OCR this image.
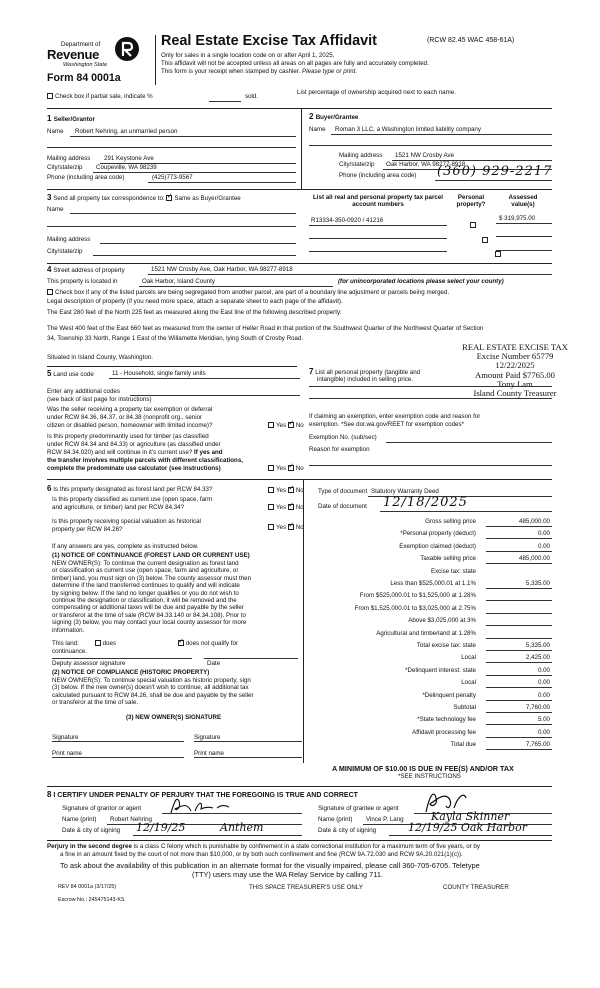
Department of
Revenue
Washington State
Form 84 0001a
Real Estate Excise Tax Affidavit	(RCW 82.45 WAC 458-61A)
Only for sales in a single location code on or after April 1, 2025.
This affidavit will not be accepted unless all areas on all pages are fully and accurately completed.
This form is your receipt when stamped by cashier. Please type or print.
Check box if partial sale, indicate %	sold.
List percentage of ownership acquired next to each name.
1 Seller/Grantor
Name Robert Nehring, an unmarried person
Mailing address 291 Keystone Ave
City/state/zip Coupeville, WA 98239
Phone (including area code)	(425)773-9567
2 Buyer/Grantee
Name Roman 3 LLC, a Washington limited liability company
Mailing address 1521 NW Crosby Ave
City/state/zip Oak Harbor, WA 98277-8918
Phone (including area code) (360) 929-2217
3 Send all property tax correspondence to: ✓ Same as Buyer/Grantee
Name
Mailing address
City/state/zip
List all real and personal property tax parcel account numbers
Personal property?
Assessed value(s)
R13334-350-0920 / 41216
	$ 319,975.00

4 Street address of property	1521 NW Crosby Ave, Oak Harbor, WA 98277-8918
This property is located in	Oak Harbor, Island County	(for unincorporated locations please select your county)
Check box if any of the listed parcels are being segregated from another parcel, are part of a boundary line adjustment or parcels being merged.
Legal description of property (if you need more space, attach a separate sheet to each page of the affidavit).
The East 280 feet of the North 225 feet as measured along the East line of the following described property:
The West 400 feet of the East 660 feet as measured from the center of Heller Road in that portion of the Southwest Quarter of the Northwest Quarter of Section
34, Township 33 North, Range 1 East of the Willamette Meridian, lying South of Crosby Road.
Situated in Island County, Washington.
REAL ESTATE EXCISE TAX
Excise Number 65779
12/22/2025
Amount Paid $7765.00
Tony Lam
Island County Treasurer
5 Land use code	11 - Household, single family units
Enter any additional codes
(see back of last page for instructions)
Was the seller receiving a property tax exemption or deferral
under RCW 84.36, 84.37, or 84.38 (nonprofit org., senior
citizen or disabled person, homeowner with limited income)?	Yes ✓ No
Is this property predominantly used for timber (as classified
under RCW 84.34 and 84.33) or agriculture (as classified under
RCW 84.34.020) and will continue in it's current use? If yes and
the transfer involves multiple parcels with different classifications,
complete the predominate use calculator (see instructions)	Yes ✓ No
7 List all personal property (tangible and
intangible) included in selling price.
If claiming an exemption, enter exemption code and reason for
exemption. *See dor.wa.gov/REET for exemption codes*
Exemption No. (sub/sec)
Reason for exemption
6 Is this property designated as forest land per RCW 84.33?	Yes ✓ No
Is this property classified as current use (open space, farm
and agriculture, or timber) land per RCW 84.34?	Yes ✓ No
Is this property receiving special valuation as historical
property per RCW 84.26?	Yes ✓ No
If any answers are yes, complete as instructed below.
(1) NOTICE OF CONTINUANCE (FOREST LAND OR CURRENT USE)
NEW OWNER(S): To continue the current designation as forest land
or classification as current use (open space, farm and agriculture, or
timber) land, you must sign on (3) below. The county assessor must then
determine if the land transferred continues to qualify and will indicate
by signing below. If the land no longer qualifies or you do not wish to
continue the designation or classification, it will be removed and the
compensating or additional taxes will be due and payable by the seller
or transferor at the time of sale (RCW 84.33.140 or 84.34.108). Prior to
signing (3) below, you may contact your local county assessor for more
information.
This land:	does ✓	does not qualify for
continuance.
Deputy assessor signature	Date
(2) NOTICE OF COMPLIANCE (HISTORIC PROPERTY)
NEW OWNER(S): To continue special valuation as historic property, sign
(3) below. If the new owner(s) doesn't wish to continue, all additional tax
calculated pursuant to RCW 84.26, shall be due and payable by the seller
or transferor at the time of sale.
(3) NEW OWNER(S) SIGNATURE
Signature	Signature
Print name	Print name
Type of document Statutory Warranty Deed
Date of document 12/18/2025
Gross selling price	485,000.00
*Personal property (deduct)	0.00
Exemption claimed (deduct)	0.00
Taxable selling price	485,000.00
Excise tax: state
Less than $525,000.01 at 1.1%	5,335.00
From $525,000.01 to $1,525,000 at 1.28%
From $1,525,000.01 to $3,025,000 at 2.75%
Above $3,025,000 at 3%
Agricultural and timberland at 1.28%
Total excise tax: state	5,335.00
Local	2,425.00
*Delinquent interest: state	0.00
Local	0.00
*Delinquent penalty	0.00
Subtotal	7,760.00
*State technology fee	5.00
Affidavit processing fee	0.00
Total due	7,765.00
A MINIMUM OF $10.00 IS DUE IN FEE(S) AND/OR TAX
*SEE INSTRUCTIONS
8 I CERTIFY UNDER PENALTY OF PERJURY THAT THE FOREGOING IS TRUE AND CORRECT
Signature of grantor or agent
Name (print) Robert Nehring
Date & city of signing 12/19/25	Anthem
Signature of grantee or agent
Name (print) Vince P. Lang Kayla Skinner
Date & city of signing	12/19/25 Oak Harbor
Perjury in the second degree is a class C felony which is punishable by confinement in a state correctional institution for a maximum term of five years, or by
a fine in an amount fixed by the court of not more than $10,000, or by both such confinement and fine (RCW 9A.72.030 and RCW 9A.20.021(1)(c)).
To ask about the availability of this publication in an alternate format for the visually impaired, please call 360-705-6705. Teletype
(TTY) users may use the WA Relay Service by calling 711.
REV 84 0001a (3/17/25)	THIS SPACE TREASURER'S USE ONLY	COUNTY TREASURER
Escrow No.: 245475143-KS
